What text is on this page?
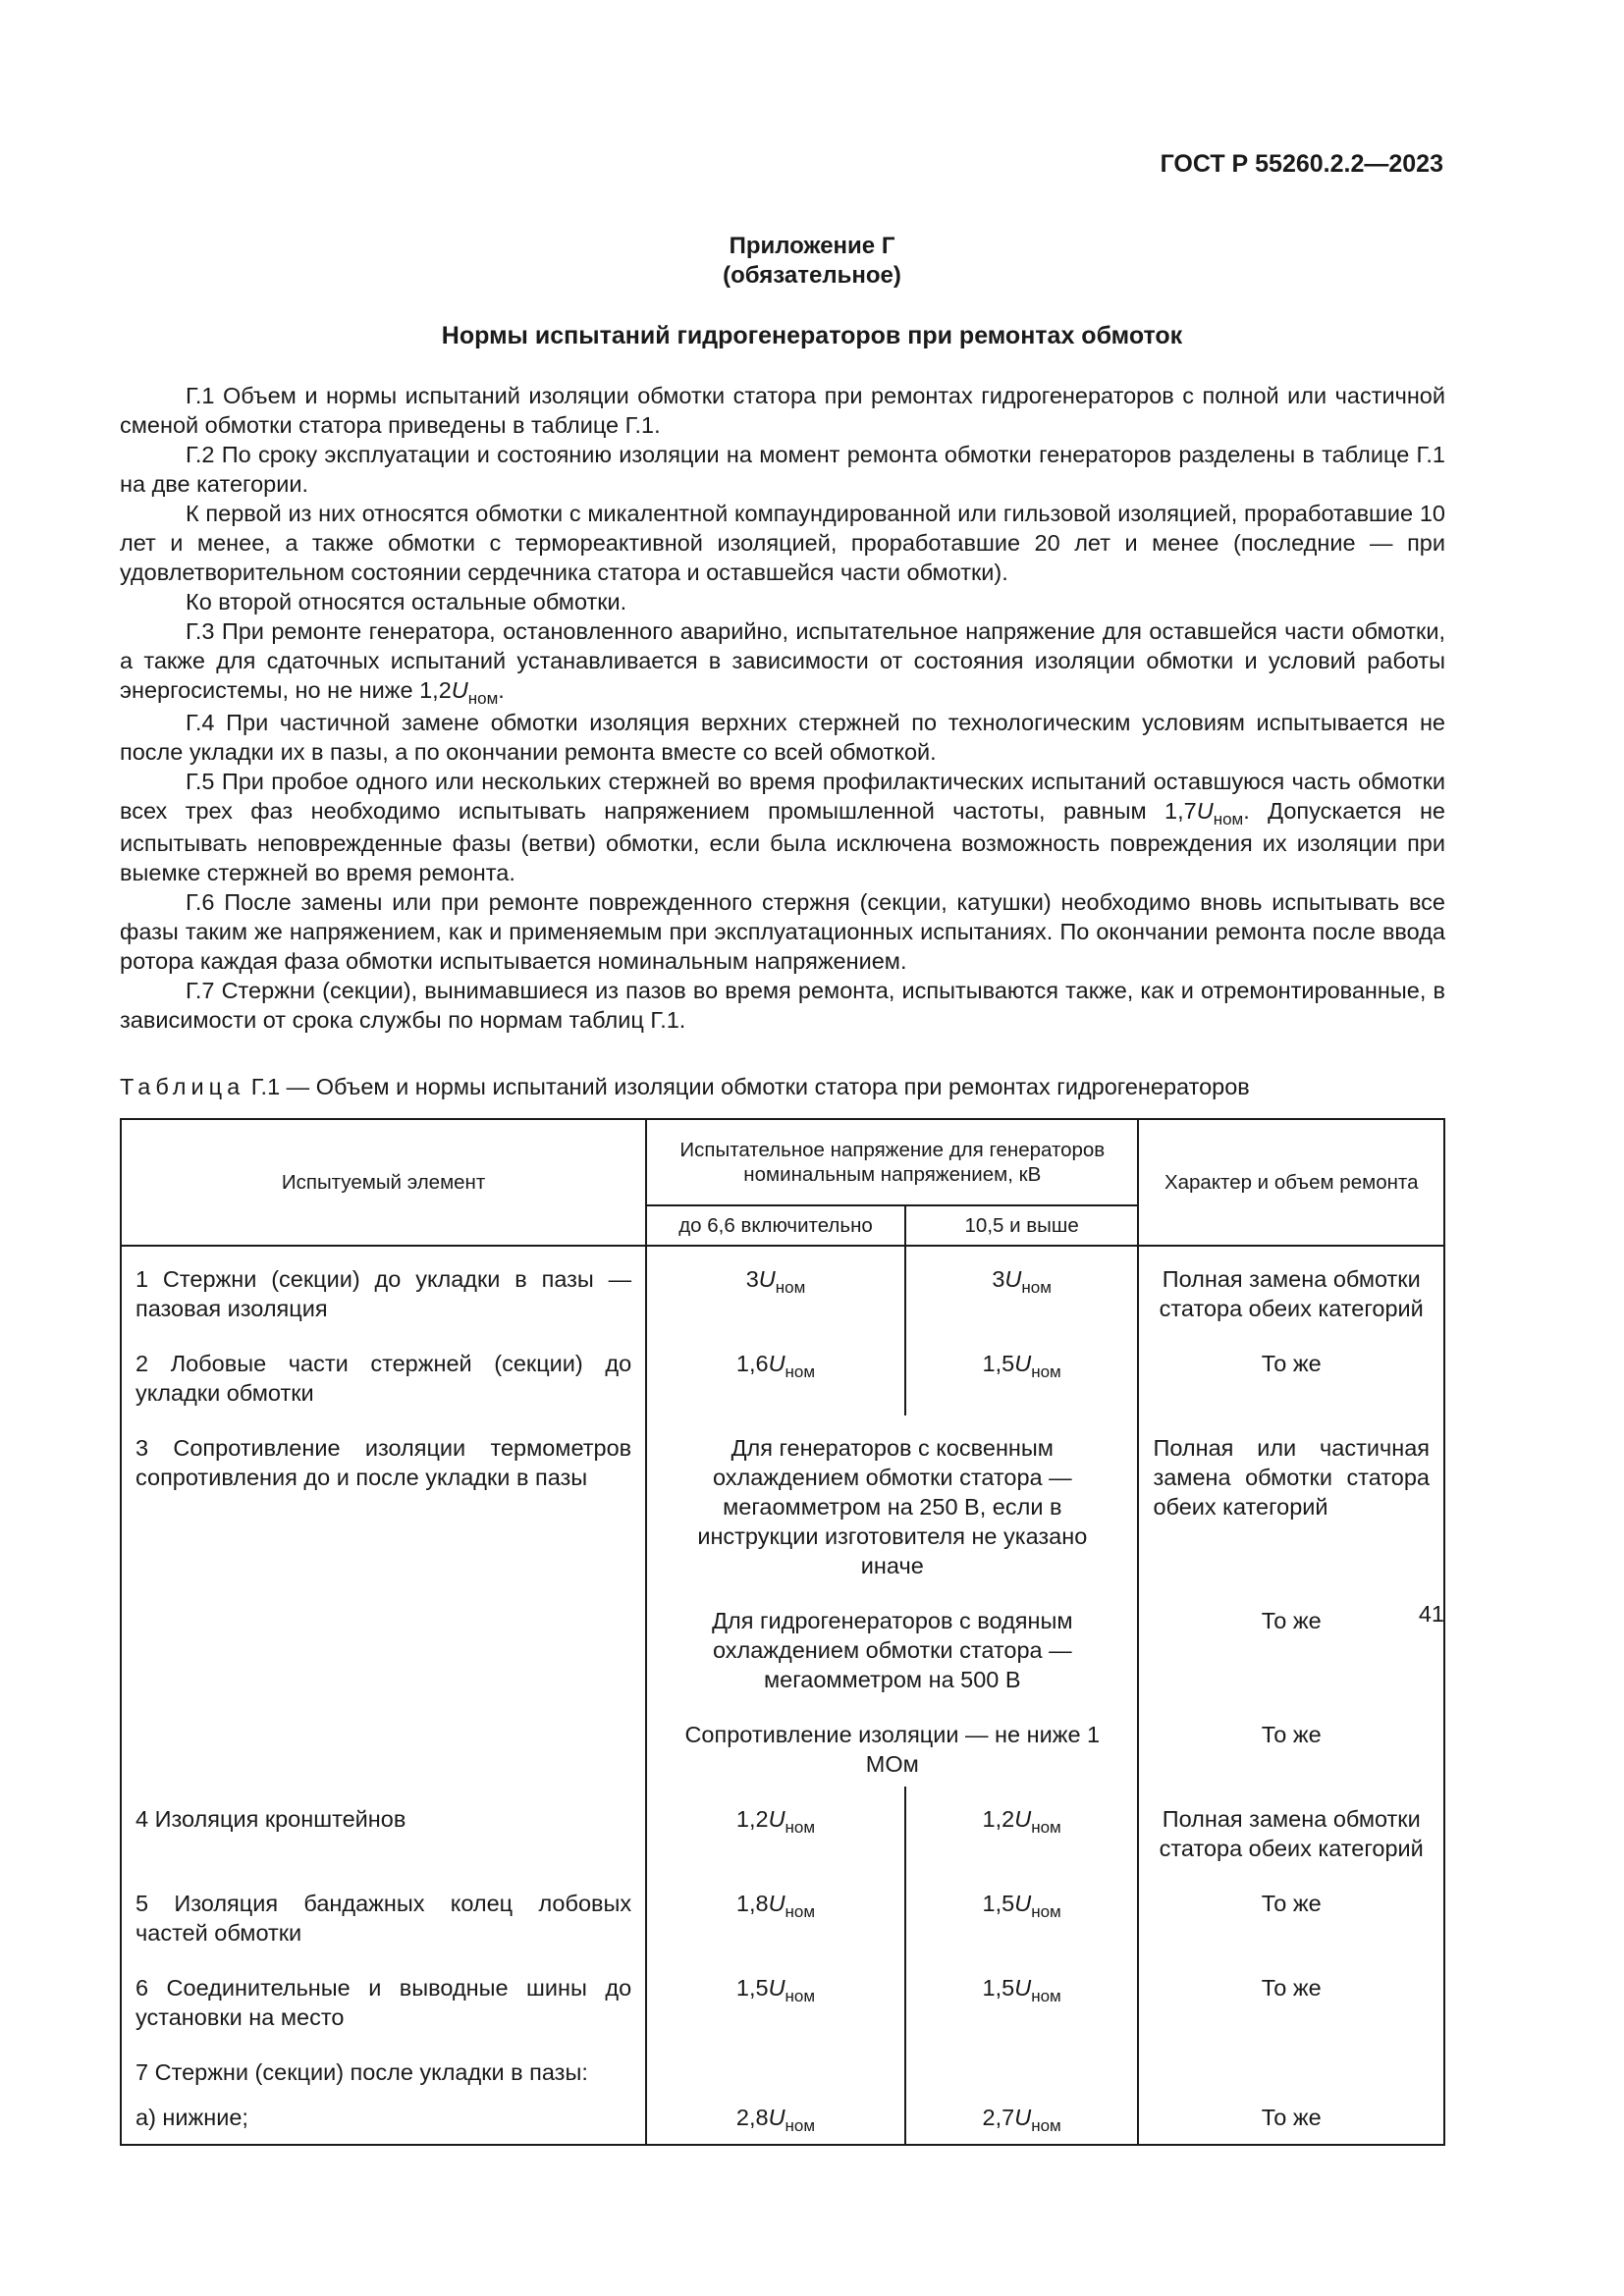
ГОСТ Р 55260.2.2—2023
Приложение Г
(обязательное)
Нормы испытаний гидрогенераторов при ремонтах обмоток

Г.1 Объем и нормы испытаний изоляции обмотки статора при ремонтах гидрогенераторов с полной или частичной сменой обмотки статора приведены в таблице Г.1.

Г.2 По сроку эксплуатации и состоянию изоляции на момент ремонта обмотки генераторов разделены в таблице Г.1 на две категории.

К первой из них относятся обмотки с микалентной компаундированной или гильзовой изоляцией, проработавшие 10 лет и менее, а также обмотки с термореактивной изоляцией, проработавшие 20 лет и менее (последние — при удовлетворительном состоянии сердечника статора и оставшейся части обмотки).

Ко второй относятся остальные обмотки.

Г.3 При ремонте генератора, остановленного аварийно, испытательное напряжение для оставшейся части обмотки, а также для сдаточных испытаний устанавливается в зависимости от состояния изоляции обмотки и условий работы энергосистемы, но не ниже $1,2U_{ном}$.

Г.4 При частичной замене обмотки изоляция верхних стержней по технологическим условиям испытывается не после укладки их в пазы, а по окончании ремонта вместе со всей обмоткой.

Г.5 При пробое одного или нескольких стержней во время профилактических испытаний оставшуюся часть обмотки всех трех фаз необходимо испытывать напряжением промышленной частоты, равным $1,7U_{ном}$. Допускается не испытывать неповрежденные фазы (ветви) обмотки, если была исключена возможность повреждения их изоляции при выемке стержней во время ремонта.

Г.6 После замены или при ремонте поврежденного стержня (секции, катушки) необходимо вновь испытывать все фазы таким же напряжением, как и применяемым при эксплуатационных испытаниях. По окончании ремонта после ввода ротора каждая фаза обмотки испытывается номинальным напряжением.

Г.7 Стержни (секции), вынимавшиеся из пазов во время ремонта, испытываются также, как и отремонтированные, в зависимости от срока службы по нормам таблиц Г.1.

Таблица Г.1 — Объем и нормы испытаний изоляции обмотки статора при ремонтах гидрогенераторов
Испытуемый элемент	Испытательное напряжение для генераторов номинальным напряжением, кВ		Характер и объем ремонта
	до 6,6 включительно	10,5 и выше	
1 Стержни (секции) до укладки в пазы — пазовая изоляция	$3U_{ном}$	$3U_{ном}$	Полная замена обмотки статора обеих категорий
2 Лобовые части стержней (секции) до укладки обмотки	$1,6U_{ном}$	$1,5U_{ном}$	То же
3 Сопротивление изоляции термометров сопротивления до и после укладки в пазы	Для генераторов с косвенным охлаждением обмотки статора — мегаомметром на 250 В, если в инструкции изготовителя не указано иначе		Полная или частичная замена обмотки статора обеих категорий
	Для гидрогенераторов с водяным охлаждением обмотки статора — мегаомметром на 500 В		То же
	Сопротивление изоляции — не ниже 1 МОм		То же
4 Изоляция кронштейнов	$1,2U_{ном}$	$1,2U_{ном}$	Полная замена обмотки статора обеих категорий
5 Изоляция бандажных колец лобовых частей обмотки	$1,8U_{ном}$	$1,5U_{ном}$	То же
6 Соединительные и выводные шины до установки на место	$1,5U_{ном}$	$1,5U_{ном}$	То же
7 Стержни (секции) после укладки в пазы:			
а) нижние;	$2,8U_{ном}$	$2,7U_{ном}$	То же
41
